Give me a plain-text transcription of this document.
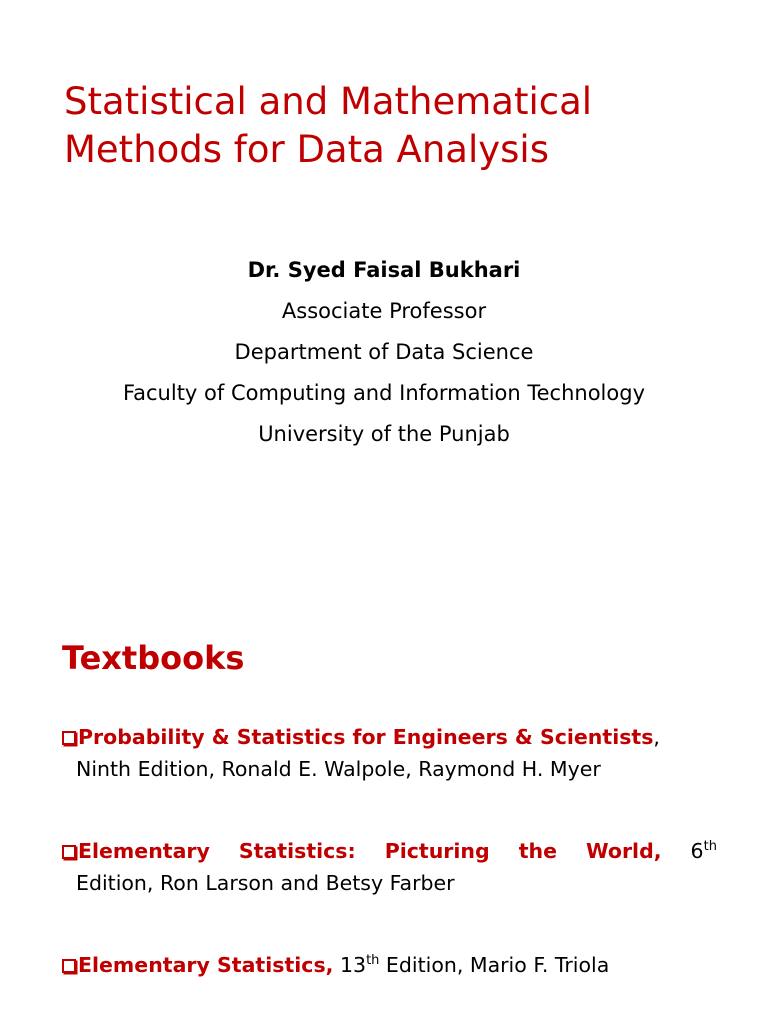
Statistical and Mathematical
Methods for Data Analysis
Dr. Syed Faisal Bukhari
Associate Professor
Department of Data Science
Faculty of Computing and Information Technology
University of the Punjab
Textbooks
Probability & Statistics for Engineers & Scientists,
Ninth Edition, Ronald E. Walpole, Raymond H. Myer
Elementary Statistics: Picturing the World, 6th
Edition, Ron Larson and Betsy Farber
Elementary Statistics, 13th Edition, Mario F. Triola
